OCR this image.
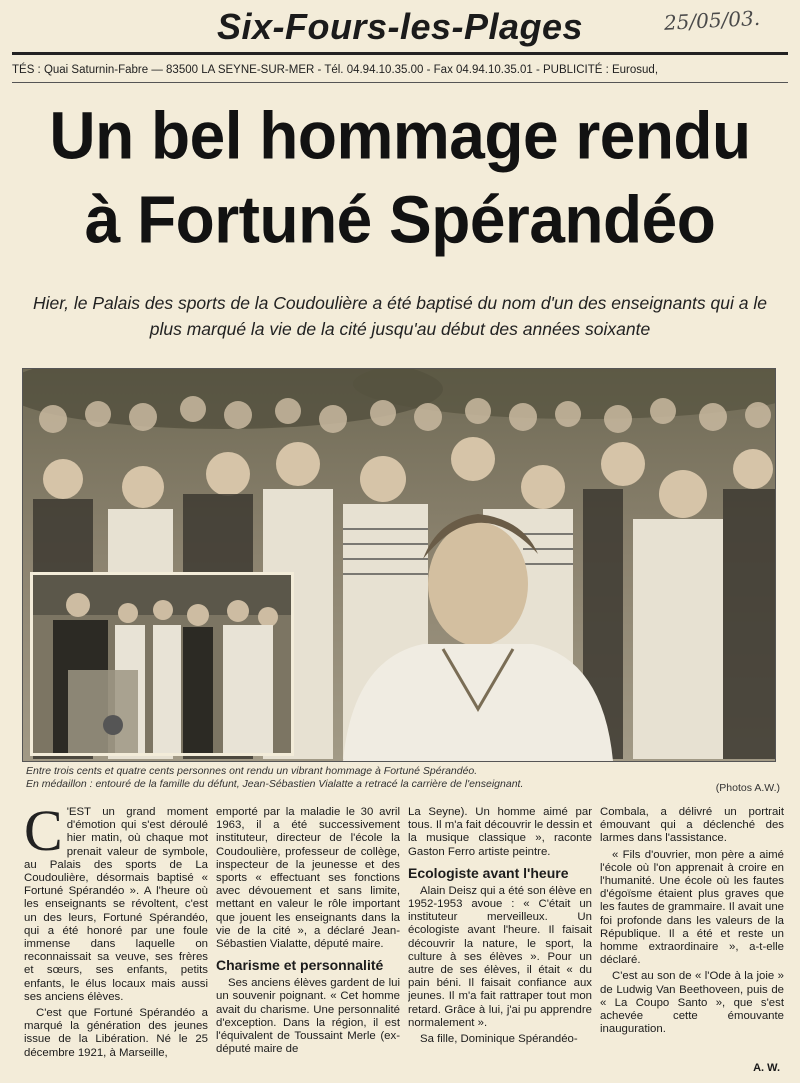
Six-Fours-les-Plages	25/05/03.
TÉS : Quai Saturnin-Fabre — 83500 LA SEYNE-SUR-MER - Tél. 04.94.10.35.00 - Fax 04.94.10.35.01 - PUBLICITÉ : Eurosud,
Un bel hommage rendu
à Fortuné Spérandéo
Hier, le Palais des sports de la Coudoulière a été baptisé du nom d'un des enseignants qui a le plus marqué la vie de la cité jusqu'au début des années soixante
Entre trois cents et quatre cents personnes ont rendu un vibrant hommage à Fortuné Spérandéo.
En médaillon : entouré de la famille du défunt, Jean-Sébastien Vialatte a retracé la carrière de l'enseignant.	(Photos A.W.)

C 'EST un grand moment d'émotion qui s'est déroulé hier matin, où chaque mot prenait valeur de symbole, au Palais des sports de La Coudoulière, désormais baptisé « Fortuné Spérandéo ». A l'heure où les enseignants se révoltent, c'est un des leurs, Fortuné Spérandéo, qui a été honoré par une foule immense dans laquelle on reconnaissait sa veuve, ses frères et sœurs, ses enfants, petits enfants, le élus locaux mais aussi ses anciens élèves.

C'est que Fortuné Spérandéo a marqué la génération des jeunes issue de la Libération. Né le 25 décembre 1921, à Marseille,

emporté par la maladie le 30 avril 1963, il a été successivement instituteur, directeur de l'école la Coudoulière, professeur de collège, inspecteur de la jeunesse et des sports « effectuant ses fonctions avec dévouement et sans limite, mettant en valeur le rôle important que jouent les enseignants dans la vie de la cité », a déclaré Jean-Sébastien Vialatte, député maire.

Charisme et personnalité

Ses anciens élèves gardent de lui un souvenir poignant. « Cet homme avait du charisme. Une personnalité d'exception. Dans la région, il est l'équivalent de Toussaint Merle (ex-député maire de

La Seyne). Un homme aimé par tous. Il m'a fait découvrir le dessin et la musique classique », raconte Gaston Ferro artiste peintre.

Ecologiste avant l'heure

Alain Deisz qui a été son élève en 1952-1953 avoue : « C'était un instituteur merveilleux. Un écologiste avant l'heure. Il faisait découvrir la nature, le sport, la culture à ses élèves ». Pour un autre de ses élèves, il était « du pain béni. Il faisait confiance aux jeunes. Il m'a fait rattraper tout mon retard. Grâce à lui, j'ai pu apprendre normalement ».

Sa fille, Dominique Spérandéo-

Combala, a délivré un portrait émouvant qui a déclenché des larmes dans l'assistance.

« Fils d'ouvrier, mon père a aimé l'école où l'on apprenait à croire en l'humanité. Une école où les fautes d'égoïsme étaient plus graves que les fautes de grammaire. Il avait une foi profonde dans les valeurs de la République. Il a été et reste un homme extraordinaire », a-t-elle déclaré.

C'est au son de « l'Ode à la joie » de Ludwig Van Beethoveen, puis de « La Coupo Santo », que s'est achevée cette émouvante inauguration.

A. W.
